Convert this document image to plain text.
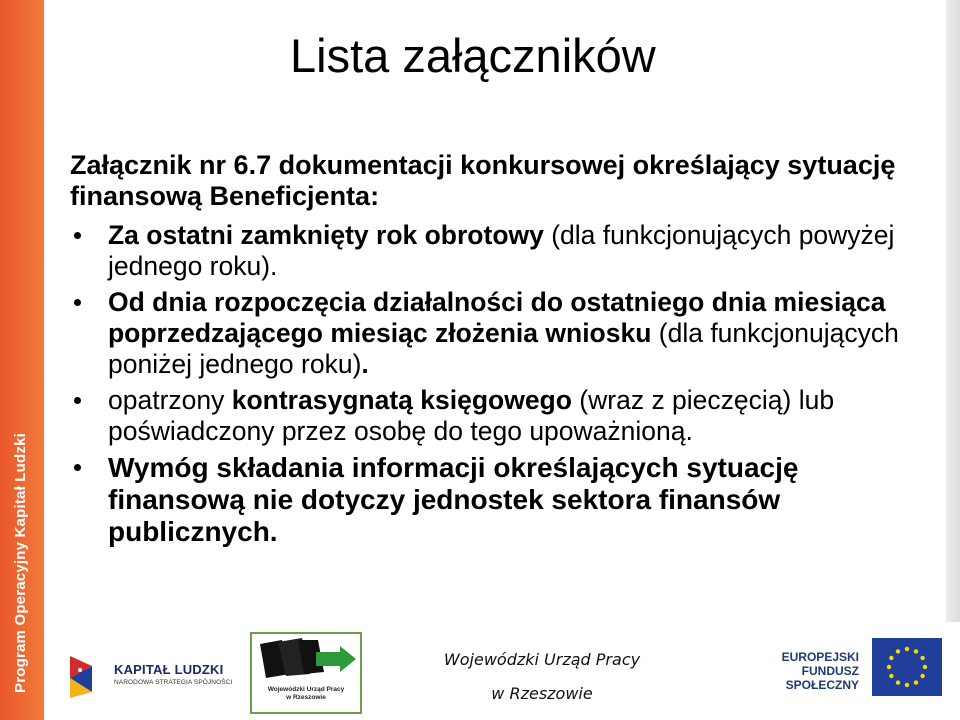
Program Operacyjny Kapitał Ludzki
Lista załączników

Załącznik nr 6.7 dokumentacji konkursowej określający sytuację finansową Beneficjenta:

Za ostatni zamknięty rok obrotowy (dla funkcjonujących powyżej jednego roku).
Od dnia rozpoczęcia działalności do ostatniego dnia miesiąca poprzedzającego miesiąc złożenia wniosku (dla funkcjonujących poniżej jednego roku).
opatrzony kontrasygnatą księgowego (wraz z pieczęcią) lub poświadczony przez osobę do tego upoważnioną.
Wymóg składania informacji określających sytuację finansową nie dotyczy jednostek sektora finansów publicznych.
KAPITAŁ LUDZKI
NARODOWA STRATEGIA SPÓJNOŚCI
Wojewódzki Urząd Pracy
w Rzeszowie
Wojewódzki Urząd Pracy
w Rzeszowie
EUROPEJSKI
FUNDUSZ SPOŁECZNY
